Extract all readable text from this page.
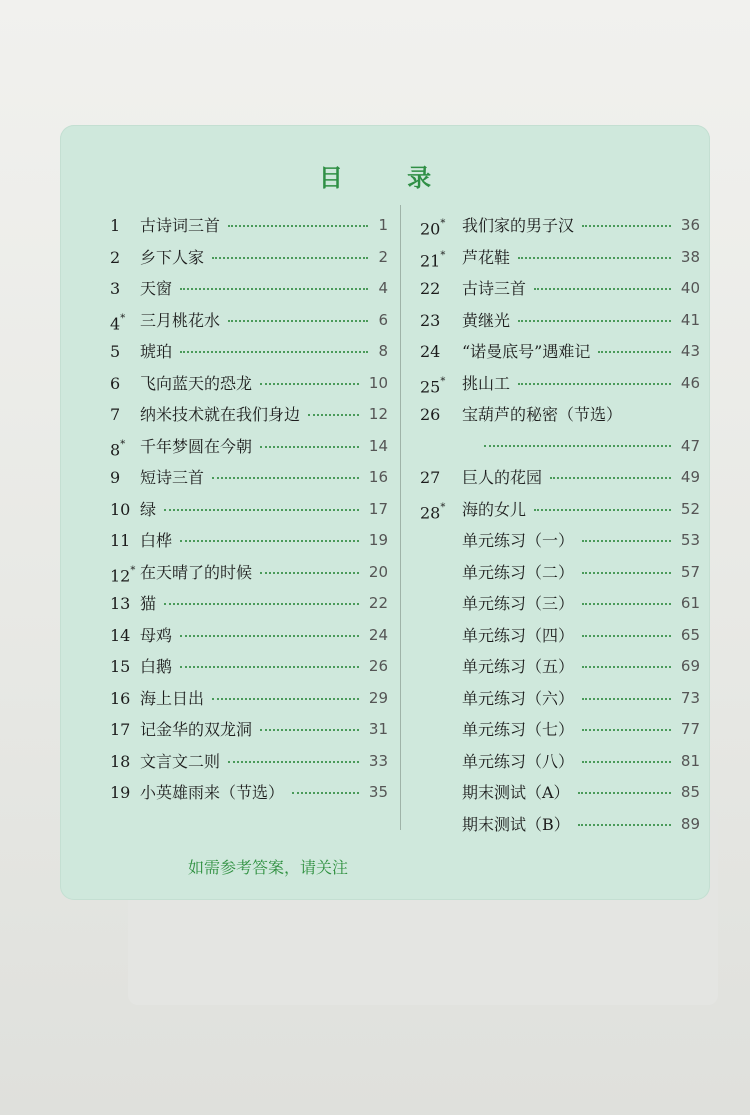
目 录
1	古诗词三首	1
2	乡下人家	2
3	天窗	4
4* 三月桃花水	6
5	琥珀	8
6	飞向蓝天的恐龙	10
7	纳米技术就在我们身边	12
8* 千年梦圆在今朝	14
9	短诗三首	16
10 绿	17
11 白桦	19
12* 在天晴了的时候	20
13 猫	22
14 母鸡	24
15 白鹅	26
16 海上日出	29
17 记金华的双龙洞	31
18 文言文二则	33
19 小英雄雨来（节选）	35
20*	我们家的男子汉	36
21*	芦花鞋	38
22	古诗三首	40
23	黄继光	41
24	“诺曼底号”遇难记	43
25*	挑山工	46
26	宝葫芦的秘密（节选）
47
27	巨人的花园	49
28*	海的女儿	52
单元练习（一）	53
单元练习（二）	57
单元练习（三）	61
单元练习（四）	65
单元练习（五）	69
单元练习（六）	73
单元练习（七）	77
单元练习（八）	81
期末测试（A）	85
期末测试（B）	89
如需参考答案，请关注
